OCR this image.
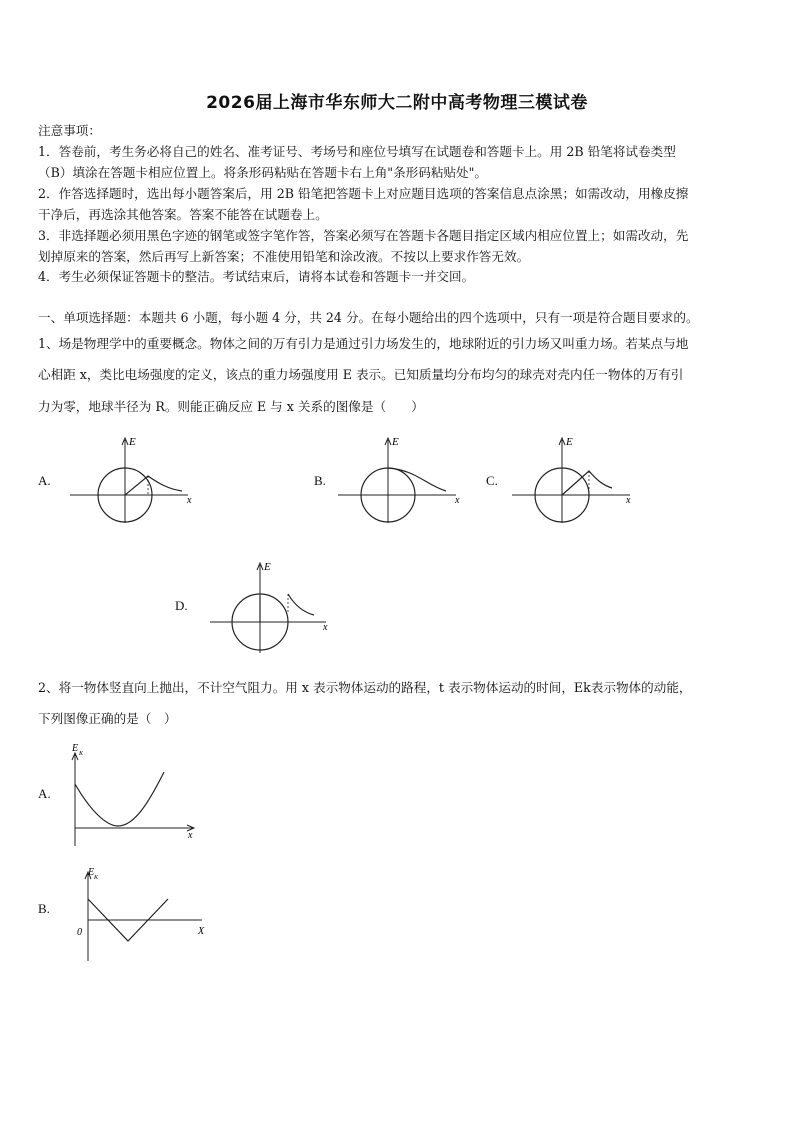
2026届上海市华东师大二附中高考物理三模试卷
注意事项：
1．答卷前，考生务必将自己的姓名、准考证号、考场号和座位号填写在试题卷和答题卡上。用 2B 铅笔将试卷类型
（B）填涂在答题卡相应位置上。将条形码粘贴在答题卡右上角"条形码粘贴处"。
2．作答选择题时，选出每小题答案后，用 2B 铅笔把答题卡上对应题目选项的答案信息点涂黑；如需改动，用橡皮擦
干净后，再选涂其他答案。答案不能答在试题卷上。
3．非选择题必须用黑色字迹的钢笔或签字笔作答，答案必须写在答题卡各题目指定区域内相应位置上；如需改动，先
划掉原来的答案，然后再写上新答案；不准使用铅笔和涂改液。不按以上要求作答无效。
4．考生必须保证答题卡的整洁。考试结束后，请将本试卷和答题卡一并交回。
一、单项选择题：本题共 6 小题，每小题 4 分，共 24 分。在每小题给出的四个选项中，只有一项是符合题目要求的。
1、场是物理学中的重要概念。物体之间的万有引力是通过引力场发生的，地球附近的引力场又叫重力场。若某点与地
心相距 x，类比电场强度的定义，该点的重力场强度用 E 表示。已知质量均分布均匀的球壳对壳内任一物体的万有引
力为零，地球半径为 R。则能正确反应 E 与 x 关系的图像是（　　）
A.
E
x
B.
E
x
C.
E
x
D.
E
x
2、将一物体竖直向上抛出，不计空气阻力。用 x 表示物体运动的路程，t 表示物体运动的时间，Ek表示物体的动能，
下列图像正确的是（　）
A.
E K
x
B.
E K
0	X
